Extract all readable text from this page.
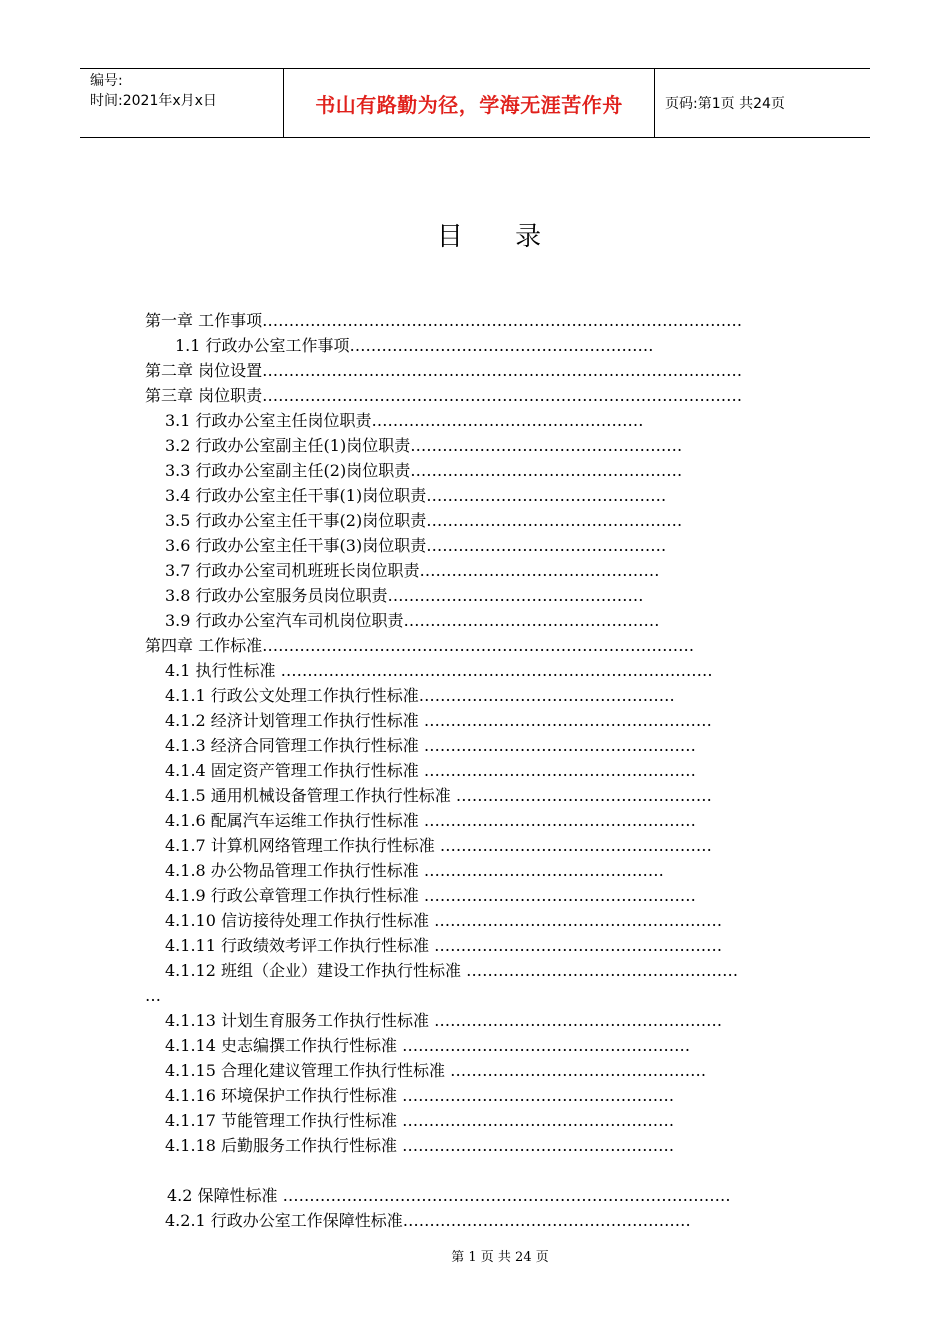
编号:
时间:2021年x月x日	书山有路勤为径，学海无涯苦作舟	页码:第1页 共24页
目 录
第一章 工作事项………………………………………………………………………………
1.1 行政办公室工作事项…………………………………………………
第二章 岗位设置………………………………………………………………………………
第三章 岗位职责………………………………………………………………………………
3.1 行政办公室主任岗位职责……………………………………………
3.2 行政办公室副主任(1)岗位职责……………………………………………
3.3 行政办公室副主任(2)岗位职责……………………………………………
3.4 行政办公室主任干事(1)岗位职责………………………………………
3.5 行政办公室主任干事(2)岗位职责…………………………………………
3.6 行政办公室主任干事(3)岗位职责………………………………………
3.7 行政办公室司机班班长岗位职责………………………………………
3.8 行政办公室服务员岗位职责…………………………………………
3.9 行政办公室汽车司机岗位职责…………………………………………
第四章 工作标准………………………………………………………………………
4.1 执行性标准 ………………………………………………………………………
4.1.1 行政公文处理工作执行性标准…………………………………………
4.1.2 经济计划管理工作执行性标准 ………………………………………………
4.1.3 经济合同管理工作执行性标准 ……………………………………………
4.1.4 固定资产管理工作执行性标准 ……………………………………………
4.1.5 通用机械设备管理工作执行性标准 …………………………………………
4.1.6 配属汽车运维工作执行性标准 ……………………………………………
4.1.7 计算机网络管理工作执行性标准 ……………………………………………
4.1.8 办公物品管理工作执行性标准 ………………………………………
4.1.9 行政公章管理工作执行性标准 ……………………………………………
4.1.10 信访接待处理工作执行性标准 ………………………………………………
4.1.11 行政绩效考评工作执行性标准 ………………………………………………
4.1.12 班组（企业）建设工作执行性标准 ……………………………………………
…
4.1.13 计划生育服务工作执行性标准 ………………………………………………
4.1.14 史志编撰工作执行性标准 ………………………………………………
4.1.15 合理化建议管理工作执行性标准 …………………………………………
4.1.16 环境保护工作执行性标准 ……………………………………………
4.1.17 节能管理工作执行性标准 ……………………………………………
4.1.18 后勤服务工作执行性标准 ……………………………………………
4.2 保障性标准 …………………………………………………………………………
4.2.1 行政办公室工作保障性标准………………………………………………
第 1 页 共 24 页
